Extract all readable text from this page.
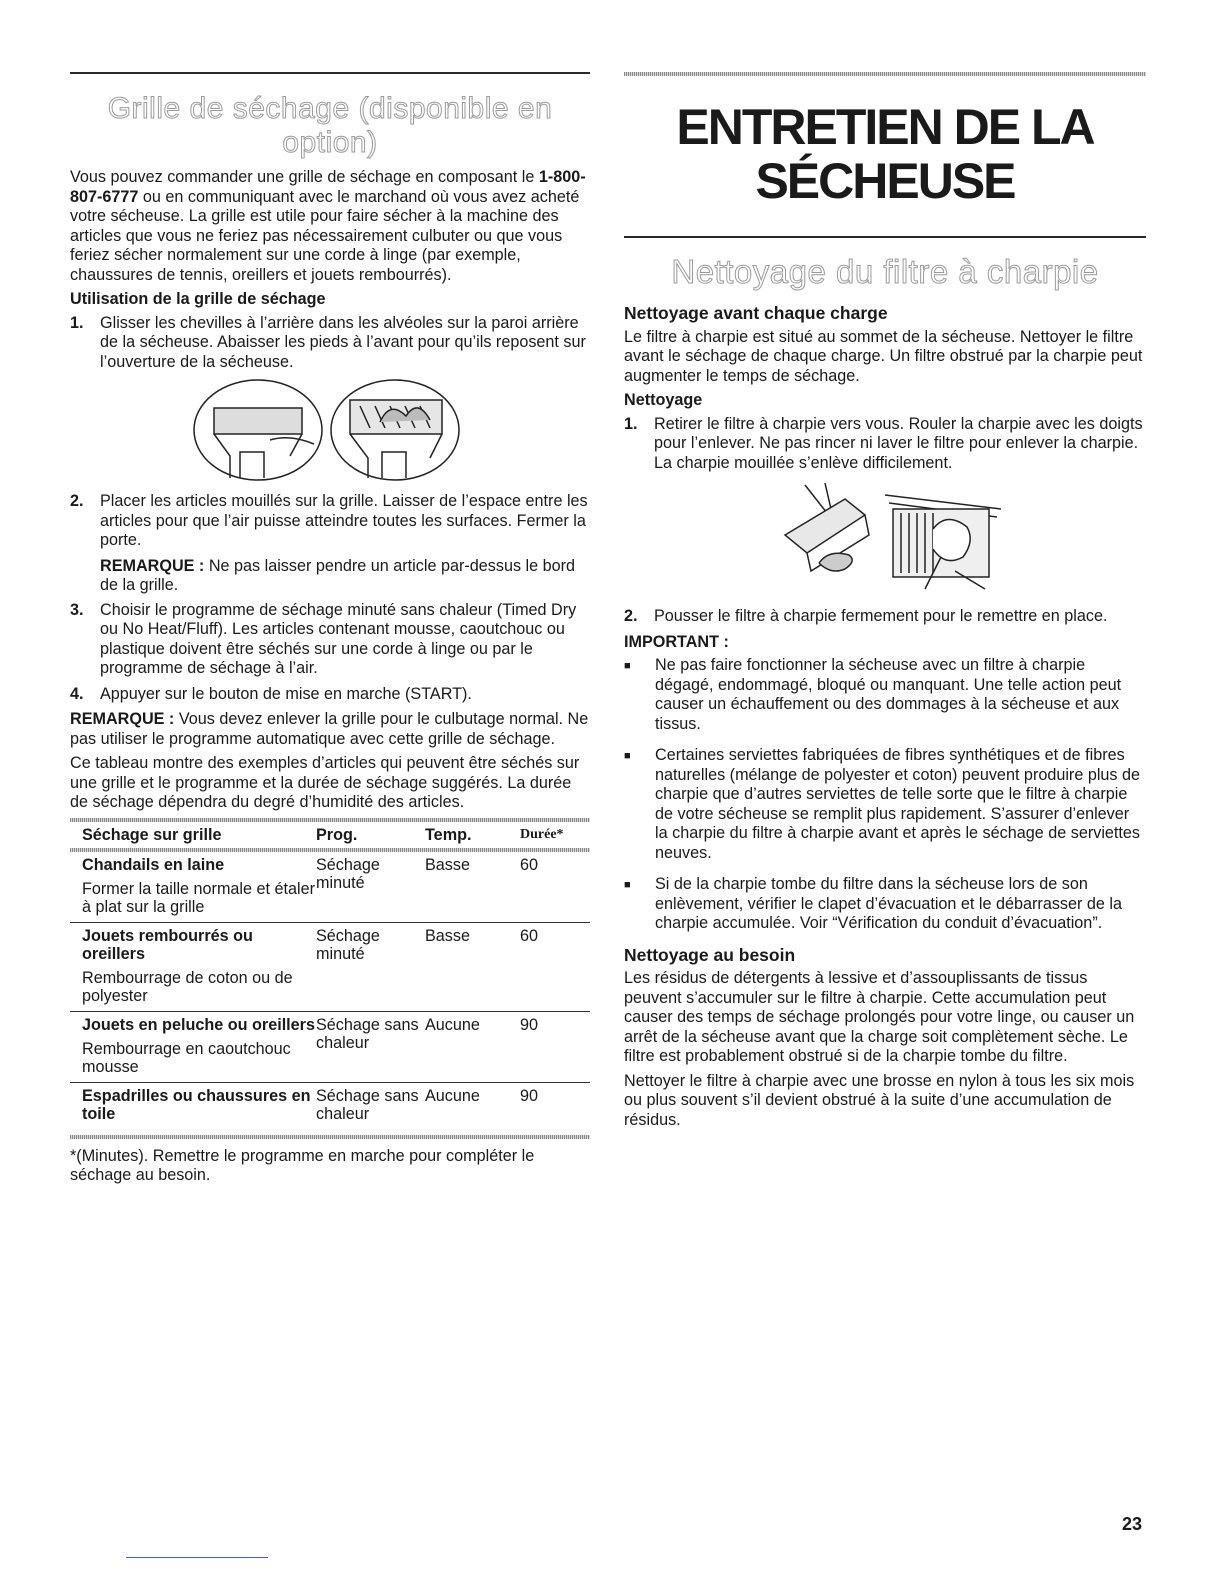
Grille de séchage (disponible en option)

Vous pouvez commander une grille de séchage en composant le 1-800-807-6777 ou en communiquant avec le marchand où vous avez acheté votre sécheuse. La grille est utile pour faire sécher à la machine des articles que vous ne feriez pas nécessairement culbuter ou que vous feriez sécher normalement sur une corde à linge (par exemple, chaussures de tennis, oreillers et jouets rembourrés).

Utilisation de la grille de séchage
1.	Glisser les chevilles à l’arrière dans les alvéoles sur la paroi arrière de la sécheuse. Abaisser les pieds à l’avant pour qu’ils reposent sur l’ouverture de la sécheuse.
2.	Placer les articles mouillés sur la grille. Laisser de l’espace entre les articles pour que l’air puisse atteindre toutes les surfaces. Fermer la porte.

REMARQUE : Ne pas laisser pendre un article par-dessus le bord de la grille.

3.	Choisir le programme de séchage minuté sans chaleur (Timed Dry ou No Heat/Fluff). Les articles contenant mousse, caoutchouc ou plastique doivent être séchés sur une corde à linge ou par le programme de séchage à l’air.
4.	Appuyer sur le bouton de mise en marche (START).

REMARQUE : Vous devez enlever la grille pour le culbutage normal. Ne pas utiliser le programme automatique avec cette grille de séchage.

Ce tableau montre des exemples d’articles qui peuvent être séchés sur une grille et le programme et la durée de séchage suggérés. La durée de séchage dépendra du degré d’humidité des articles.

Séchage sur grille	Prog.	Temp.	Durée*

Chandails en laine
Former la taille normale et étaler à plat sur la grille	Séchage minuté	Basse	60

Jouets rembourrés ou oreillers
Rembourrage de coton ou de polyester	Séchage minuté	Basse	60

Jouets en peluche ou oreillers
Rembourrage en caoutchouc mousse	Séchage sans chaleur	Aucune	90

Espadrilles ou chaussures en toile	Séchage sans chaleur	Aucune	90

*(Minutes). Remettre le programme en marche pour compléter le séchage au besoin.

ENTRETIEN DE LA
SÉCHEUSE
Nettoyage du filtre à charpie
Nettoyage avant chaque charge

Le filtre à charpie est situé au sommet de la sécheuse. Nettoyer le filtre avant le séchage de chaque charge. Un filtre obstrué par la charpie peut augmenter le temps de séchage.

Nettoyage
1.	Retirer le filtre à charpie vers vous. Rouler la charpie avec les doigts pour l’enlever. Ne pas rincer ni laver le filtre pour enlever la charpie. La charpie mouillée s’enlève difficilement.
2.	Pousser le filtre à charpie fermement pour le remettre en place.
IMPORTANT :
■	Ne pas faire fonctionner la sécheuse avec un filtre à charpie dégagé, endommagé, bloqué ou manquant. Une telle action peut causer un échauffement ou des dommages à la sécheuse et aux tissus.
■	Certaines serviettes fabriquées de fibres synthétiques et de fibres naturelles (mélange de polyester et coton) peuvent produire plus de charpie que d’autres serviettes de telle sorte que le filtre à charpie de votre sécheuse se remplit plus rapidement. S’assurer d’enlever la charpie du filtre à charpie avant et après le séchage de serviettes neuves.
■	Si de la charpie tombe du filtre dans la sécheuse lors de son enlèvement, vérifier le clapet d’évacuation et le débarrasser de la charpie accumulée. Voir “Vérification du conduit d’évacuation”.
Nettoyage au besoin

Les résidus de détergents à lessive et d’assouplissants de tissus peuvent s’accumuler sur le filtre à charpie. Cette accumulation peut causer des temps de séchage prolongés pour votre linge, ou causer un arrêt de la sécheuse avant que la charge soit complètement sèche. Le filtre est probablement obstrué si de la charpie tombe du filtre.

Nettoyer le filtre à charpie avec une brosse en nylon à tous les six mois ou plus souvent s’il devient obstrué à la suite d’une accumulation de résidus.

23
